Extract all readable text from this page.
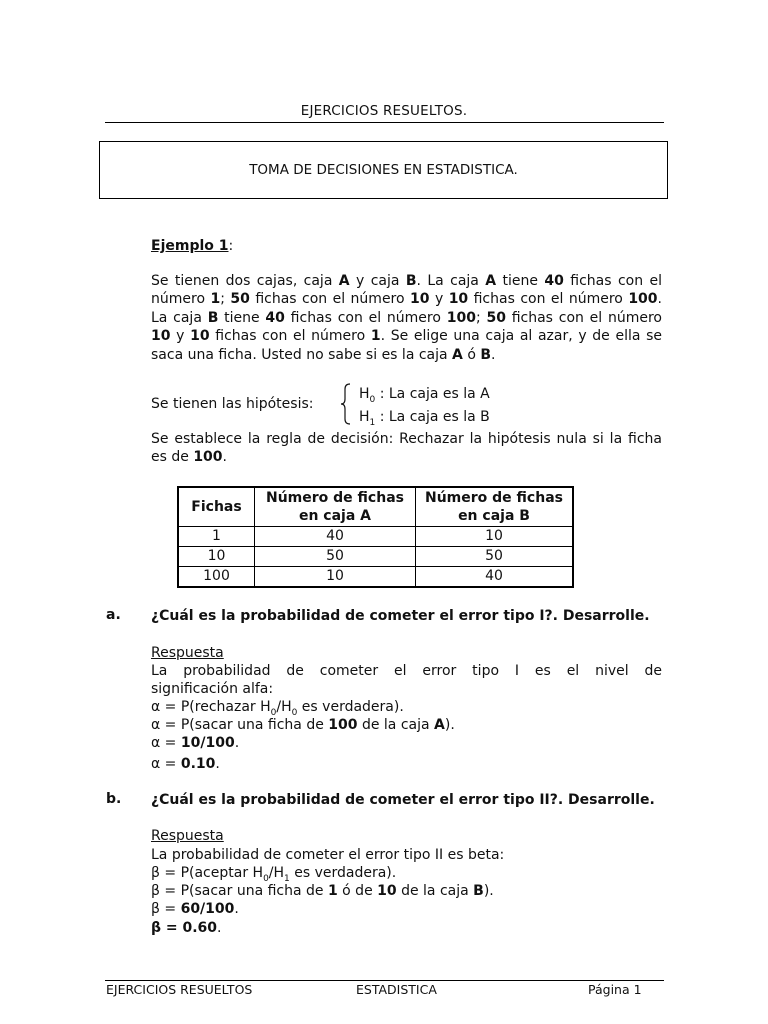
EJERCICIOS RESUELTOS.
TOMA DE DECISIONES EN ESTADISTICA.
Ejemplo 1:
Se tienen dos cajas, caja A y caja B. La caja A tiene 40 fichas con el número 1; 50 fichas con el número 10 y 10 fichas con el número 100. La caja B tiene 40 fichas con el número 100; 50 fichas con el número 10 y 10 fichas con el número 1. Se elige una caja al azar, y de ella se saca una ficha. Usted no sabe si es la caja A ó B.
Se tienen las hipótesis:
$H_0$ : La caja es la A
$H_1$ : La caja es la B
Se establece la regla de decisión: Rechazar la hipótesis nula si la ficha es de 100.
Fichas	Número de fichas en caja A	Número de fichas en caja B
1	40	10
10	50	50
100	10	40
a. ¿Cuál es la probabilidad de cometer el error tipo I?. Desarrolle.
Respuesta
La probabilidad de cometer el error tipo I es el nivel de
significación alfa:
α = P(rechazar $H_0/H_0$ es verdadera).
α = P(sacar una ficha de 100 de la caja A).
α = 10/100.
α = 0.10.
b. ¿Cuál es la probabilidad de cometer el error tipo II?. Desarrolle.
Respuesta
La probabilidad de cometer el error tipo II es beta:
β = P(aceptar $H_0/H_1$ es verdadera).
β = P(sacar una ficha de 1 ó de 10 de la caja B).
β = 60/100.
β = 0.60.
EJERCICIOS RESUELTOS	ESTADISTICA	Página 1
